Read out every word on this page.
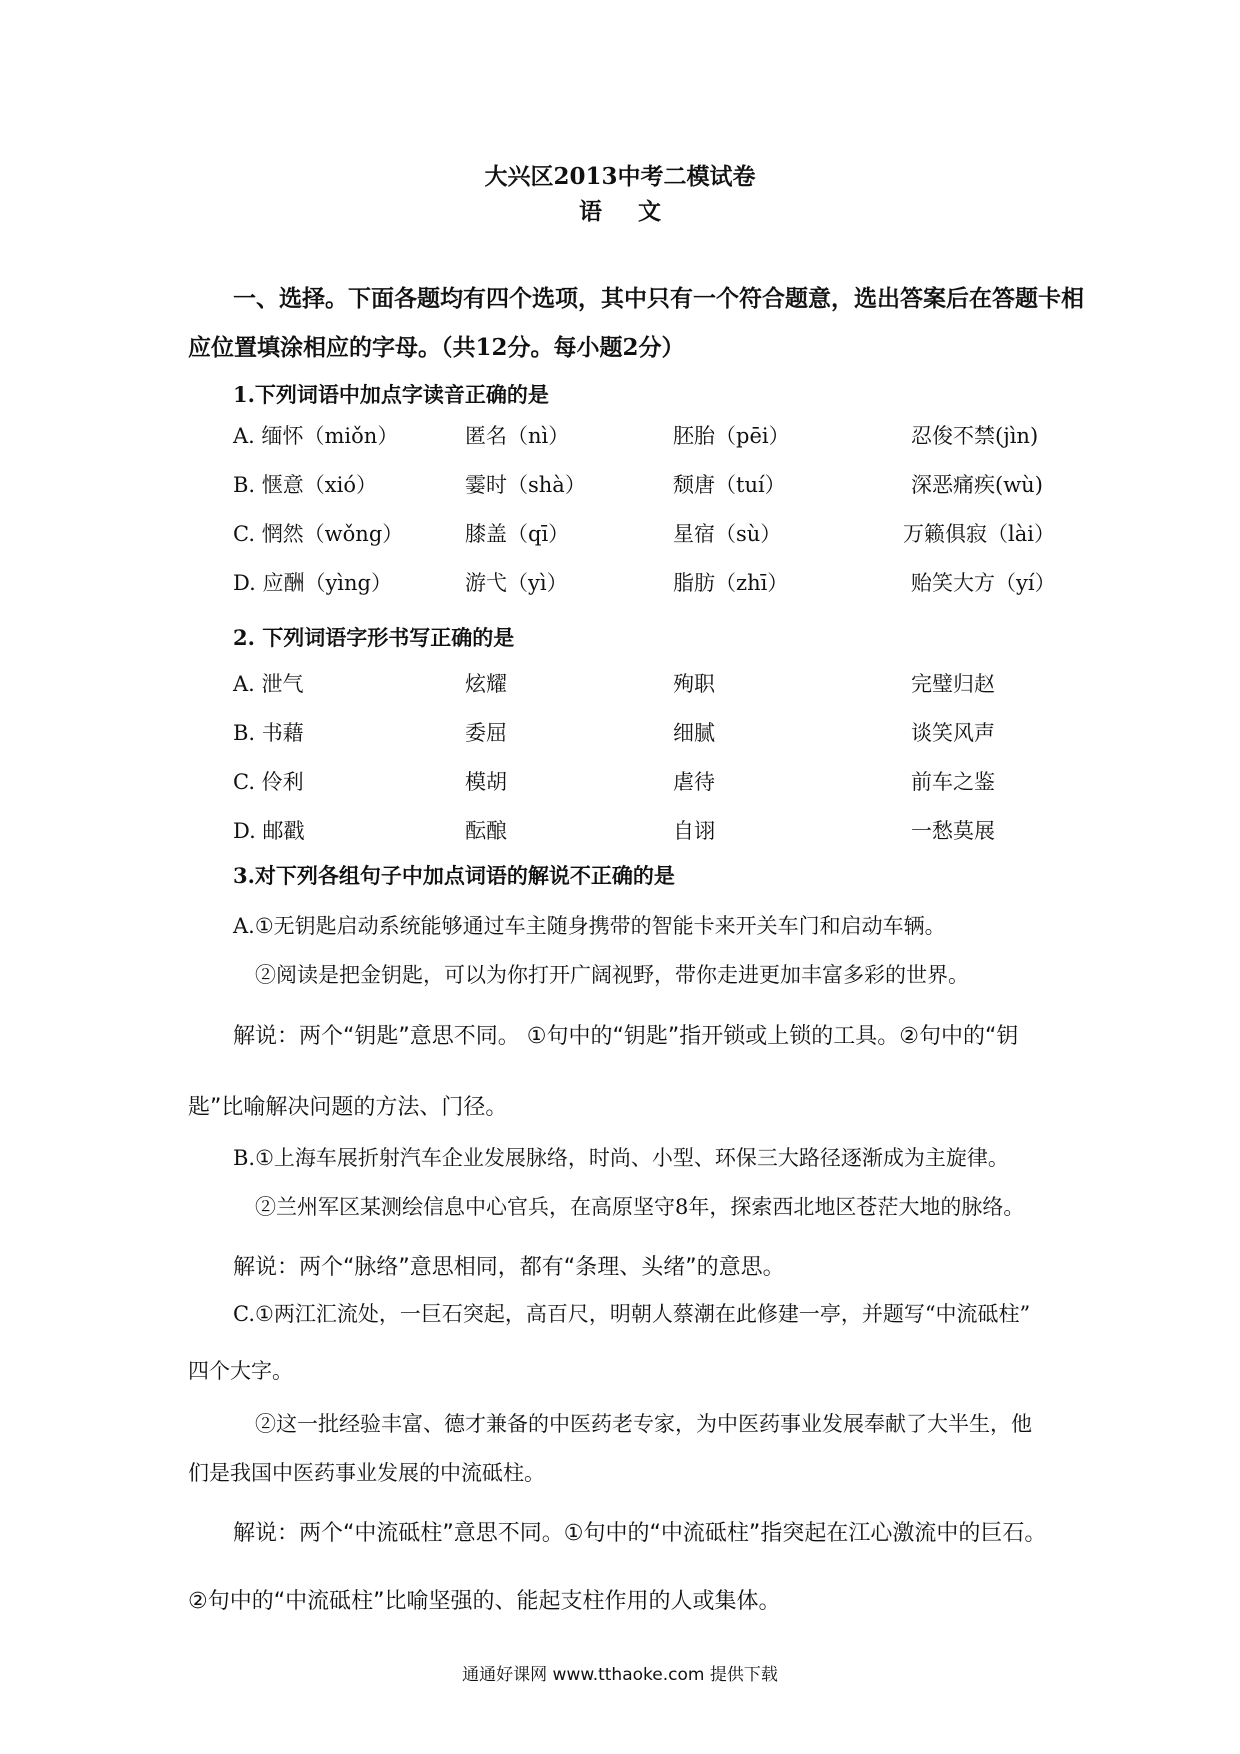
大兴区2013中考二模试卷
语 文
一、选择。下面各题均有四个选项，其中只有一个符合题意，选出答案后在答题卡相
应位置填涂相应的字母。（共12分。每小题2分）
1.下列词语中加点字读音正确的是
A. 缅怀（miǒn）	匿名（nì）	胚胎（pēi）	忍俊不禁(jìn)
B. 惬意（xió）	霎时（shà）	颓唐（tuí）	深恶痛疾(wù)
C. 惘然（wǒng）	膝盖（qī）	星宿（sù）	万籁俱寂（lài）
D. 应酬（yìng）	游弋（yì）	脂肪（zhī）	贻笑大方（yí）
2. 下列词语字形书写正确的是
A. 泄气	炫耀	殉职	完璧归赵
B. 书藉	委屈	细腻	谈笑风声
C. 伶利	模胡	虐待	前车之鉴
D. 邮戳	酝酿	自诩	一愁莫展
3.对下列各组句子中加点词语的解说不正确的是
A.①无钥匙启动系统能够通过车主随身携带的智能卡来开关车门和启动车辆。
②阅读是把金钥匙，可以为你打开广阔视野，带你走进更加丰富多彩的世界。
解说：两个“钥匙”意思不同。 ①句中的“钥匙”指开锁或上锁的工具。②句中的“钥
匙”比喻解决问题的方法、门径。
B.①上海车展折射汽车企业发展脉络，时尚、小型、环保三大路径逐渐成为主旋律。
②兰州军区某测绘信息中心官兵，在高原坚守8年，探索西北地区苍茫大地的脉络。
解说：两个“脉络”意思相同，都有“条理、头绪”的意思。
C.①两江汇流处，一巨石突起，高百尺，明朝人蔡潮在此修建一亭，并题写“中流砥柱”
四个大字。
②这一批经验丰富、德才兼备的中医药老专家，为中医药事业发展奉献了大半生，他
们是我国中医药事业发展的中流砥柱。
解说：两个“中流砥柱”意思不同。①句中的“中流砥柱”指突起在江心激流中的巨石。
②句中的“中流砥柱”比喻坚强的、能起支柱作用的人或集体。
通通好课网 www.tthaoke.com 提供下载
